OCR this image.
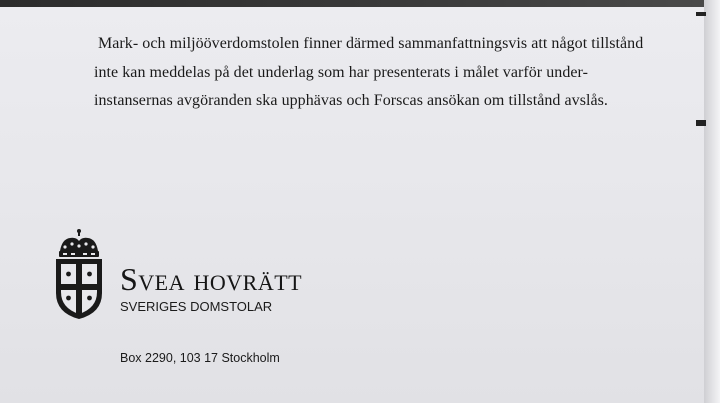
Mark- och miljööverdomstolen finner därmed sammanfattningsvis att något tillstånd
inte kan meddelas på det underlag som har presenterats i målet varför under-
instansernas avgöranden ska upphävas och Forscas ansökan om tillstånd avslås.
Svea hovrätt
SVERIGES DOMSTOLAR
Box 2290, 103 17 Stockholm
